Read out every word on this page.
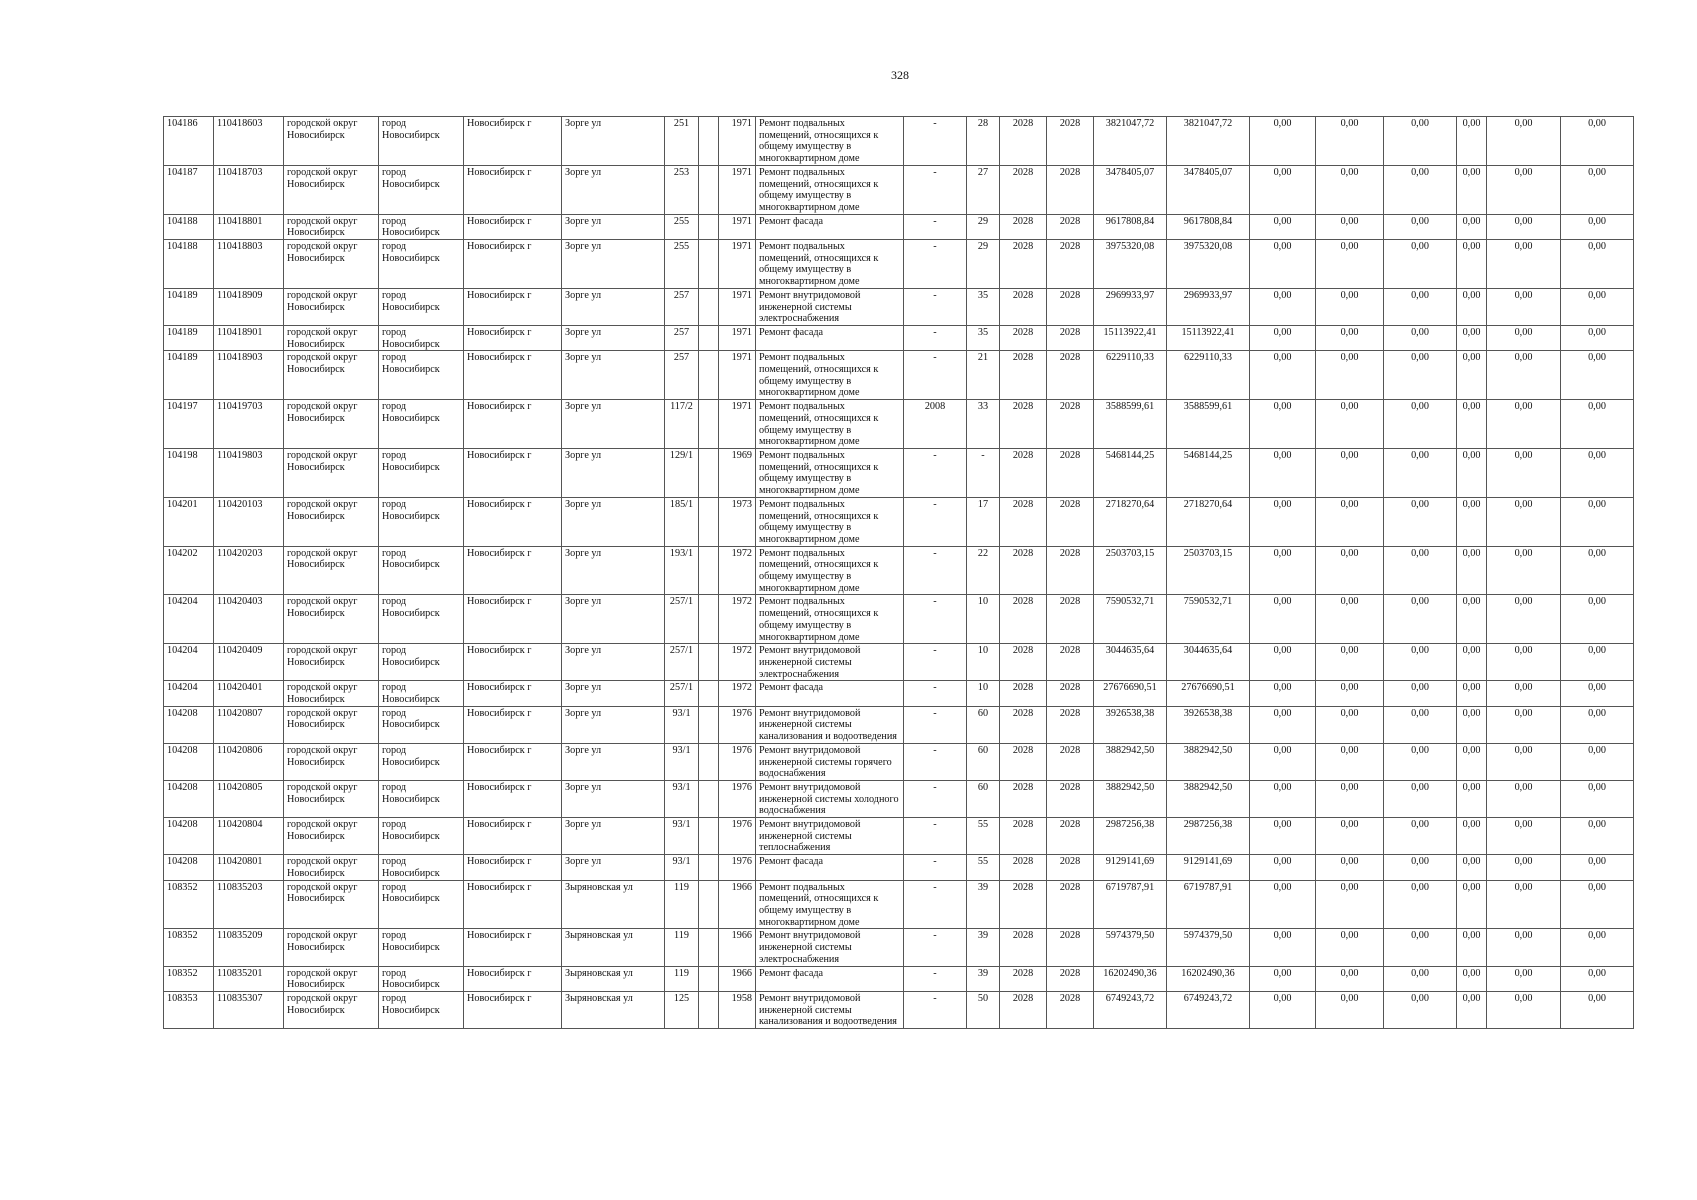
328
104186	110418603	городской округ Новосибирск	город Новосибирск	Новосибирск г	Зорге ул	251		1971	Ремонт подвальных помещений, относящихся к общему имуществу в многоквартирном доме	-	28	2028	2028	3821047,72	3821047,72	0,00	0,00	0,00	0,00	0,00	0,00
104187	110418703	городской округ Новосибирск	город Новосибирск	Новосибирск г	Зорге ул	253		1971	Ремонт подвальных помещений, относящихся к общему имуществу в многоквартирном доме	-	27	2028	2028	3478405,07	3478405,07	0,00	0,00	0,00	0,00	0,00	0,00
104188	110418801	городской округ Новосибирск	город Новосибирск	Новосибирск г	Зорге ул	255		1971	Ремонт фасада	-	29	2028	2028	9617808,84	9617808,84	0,00	0,00	0,00	0,00	0,00	0,00
104188	110418803	городской округ Новосибирск	город Новосибирск	Новосибирск г	Зорге ул	255		1971	Ремонт подвальных помещений, относящихся к общему имуществу в многоквартирном доме	-	29	2028	2028	3975320,08	3975320,08	0,00	0,00	0,00	0,00	0,00	0,00
104189	110418909	городской округ Новосибирск	город Новосибирск	Новосибирск г	Зорге ул	257		1971	Ремонт внутридомовой инженерной системы электроснабжения	-	35	2028	2028	2969933,97	2969933,97	0,00	0,00	0,00	0,00	0,00	0,00
104189	110418901	городской округ Новосибирск	город Новосибирск	Новосибирск г	Зорге ул	257		1971	Ремонт фасада	-	35	2028	2028	15113922,41	15113922,41	0,00	0,00	0,00	0,00	0,00	0,00
104189	110418903	городской округ Новосибирск	город Новосибирск	Новосибирск г	Зорге ул	257		1971	Ремонт подвальных помещений, относящихся к общему имуществу в многоквартирном доме	-	21	2028	2028	6229110,33	6229110,33	0,00	0,00	0,00	0,00	0,00	0,00
104197	110419703	городской округ Новосибирск	город Новосибирск	Новосибирск г	Зорге ул	117/2		1971	Ремонт подвальных помещений, относящихся к общему имуществу в многоквартирном доме	2008	33	2028	2028	3588599,61	3588599,61	0,00	0,00	0,00	0,00	0,00	0,00
104198	110419803	городской округ Новосибирск	город Новосибирск	Новосибирск г	Зорге ул	129/1		1969	Ремонт подвальных помещений, относящихся к общему имуществу в многоквартирном доме	-	-	2028	2028	5468144,25	5468144,25	0,00	0,00	0,00	0,00	0,00	0,00
104201	110420103	городской округ Новосибирск	город Новосибирск	Новосибирск г	Зорге ул	185/1		1973	Ремонт подвальных помещений, относящихся к общему имуществу в многоквартирном доме	-	17	2028	2028	2718270,64	2718270,64	0,00	0,00	0,00	0,00	0,00	0,00
104202	110420203	городской округ Новосибирск	город Новосибирск	Новосибирск г	Зорге ул	193/1		1972	Ремонт подвальных помещений, относящихся к общему имуществу в многоквартирном доме	-	22	2028	2028	2503703,15	2503703,15	0,00	0,00	0,00	0,00	0,00	0,00
104204	110420403	городской округ Новосибирск	город Новосибирск	Новосибирск г	Зорге ул	257/1		1972	Ремонт подвальных помещений, относящихся к общему имуществу в многоквартирном доме	-	10	2028	2028	7590532,71	7590532,71	0,00	0,00	0,00	0,00	0,00	0,00
104204	110420409	городской округ Новосибирск	город Новосибирск	Новосибирск г	Зорге ул	257/1		1972	Ремонт внутридомовой инженерной системы электроснабжения	-	10	2028	2028	3044635,64	3044635,64	0,00	0,00	0,00	0,00	0,00	0,00
104204	110420401	городской округ Новосибирск	город Новосибирск	Новосибирск г	Зорге ул	257/1		1972	Ремонт фасада	-	10	2028	2028	27676690,51	27676690,51	0,00	0,00	0,00	0,00	0,00	0,00
104208	110420807	городской округ Новосибирск	город Новосибирск	Новосибирск г	Зорге ул	93/1		1976	Ремонт внутридомовой инженерной системы канализования и водоотведения	-	60	2028	2028	3926538,38	3926538,38	0,00	0,00	0,00	0,00	0,00	0,00
104208	110420806	городской округ Новосибирск	город Новосибирск	Новосибирск г	Зорге ул	93/1		1976	Ремонт внутридомовой инженерной системы горячего водоснабжения	-	60	2028	2028	3882942,50	3882942,50	0,00	0,00	0,00	0,00	0,00	0,00
104208	110420805	городской округ Новосибирск	город Новосибирск	Новосибирск г	Зорге ул	93/1		1976	Ремонт внутридомовой инженерной системы холодного водоснабжения	-	60	2028	2028	3882942,50	3882942,50	0,00	0,00	0,00	0,00	0,00	0,00
104208	110420804	городской округ Новосибирск	город Новосибирск	Новосибирск г	Зорге ул	93/1		1976	Ремонт внутридомовой инженерной системы теплоснабжения	-	55	2028	2028	2987256,38	2987256,38	0,00	0,00	0,00	0,00	0,00	0,00
104208	110420801	городской округ Новосибирск	город Новосибирск	Новосибирск г	Зорге ул	93/1		1976	Ремонт фасада	-	55	2028	2028	9129141,69	9129141,69	0,00	0,00	0,00	0,00	0,00	0,00
108352	110835203	городской округ Новосибирск	город Новосибирск	Новосибирск г	Зыряновская ул	119		1966	Ремонт подвальных помещений, относящихся к общему имуществу в многоквартирном доме	-	39	2028	2028	6719787,91	6719787,91	0,00	0,00	0,00	0,00	0,00	0,00
108352	110835209	городской округ Новосибирск	город Новосибирск	Новосибирск г	Зыряновская ул	119		1966	Ремонт внутридомовой инженерной системы электроснабжения	-	39	2028	2028	5974379,50	5974379,50	0,00	0,00	0,00	0,00	0,00	0,00
108352	110835201	городской округ Новосибирск	город Новосибирск	Новосибирск г	Зыряновская ул	119		1966	Ремонт фасада	-	39	2028	2028	16202490,36	16202490,36	0,00	0,00	0,00	0,00	0,00	0,00
108353	110835307	городской округ Новосибирск	город Новосибирск	Новосибирск г	Зыряновская ул	125		1958	Ремонт внутридомовой инженерной системы канализования и водоотведения	-	50	2028	2028	6749243,72	6749243,72	0,00	0,00	0,00	0,00	0,00	0,00
